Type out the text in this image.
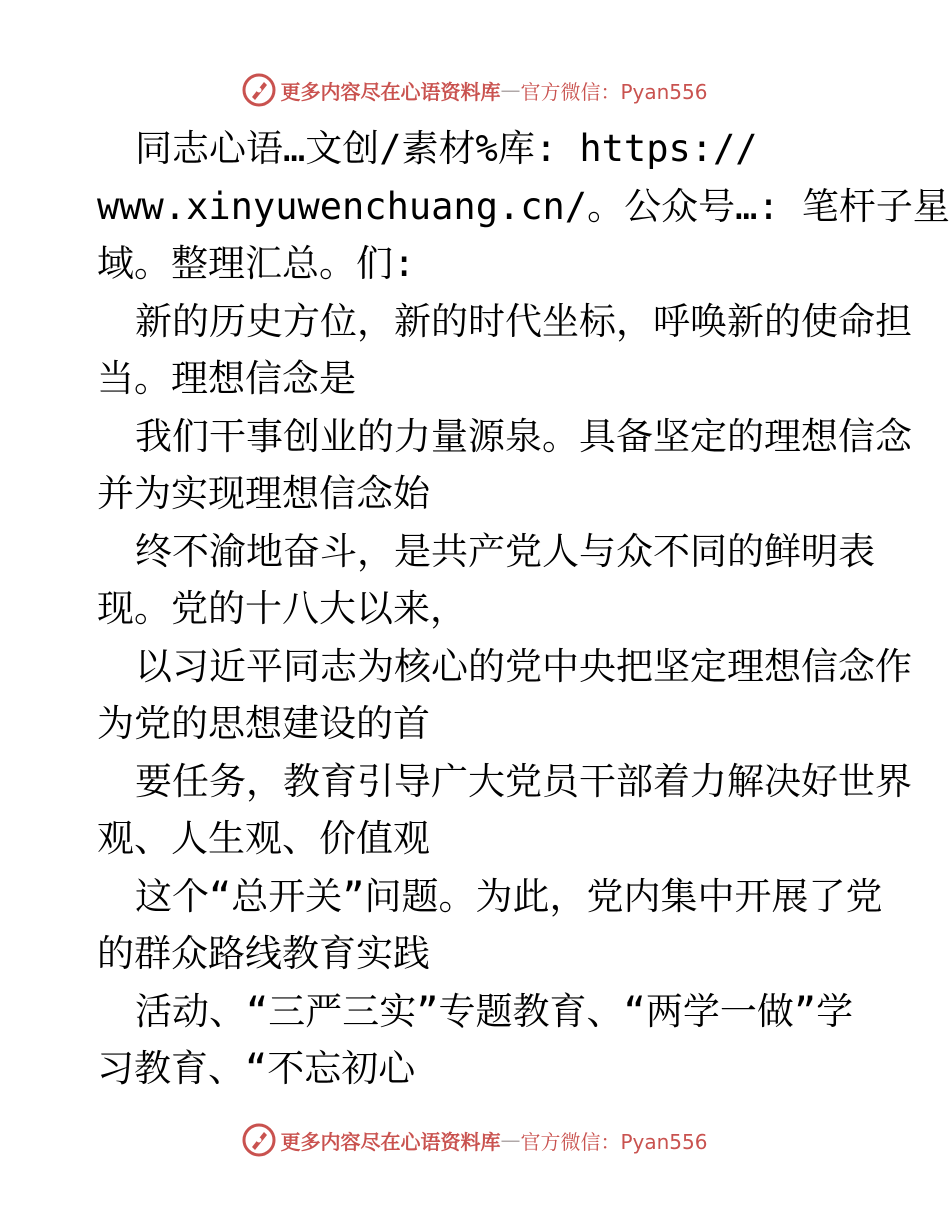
更多内容尽在心语资料库 — 官方微信：Pyan556
同志心语…文创/素材%库: https://
www.xinyuwenchuang.cn/。公众号…: 笔杆子星
域。整理汇总。们:
新的历史方位，新的时代坐标，呼唤新的使命担
当。理想信念是
我们干事创业的力量源泉。具备坚定的理想信念
并为实现理想信念始
终不渝地奋斗，是共产党人与众不同的鲜明表
现。党的十八大以来，
以习近平同志为核心的党中央把坚定理想信念作
为党的思想建设的首
要任务，教育引导广大党员干部着力解决好世界
观、人生观、价值观
这个“总开关”问题。为此，党内集中开展了党
的群众路线教育实践
活动、“三严三实”专题教育、“两学一做”学
习教育、“不忘初心
更多内容尽在心语资料库 — 官方微信：Pyan556
